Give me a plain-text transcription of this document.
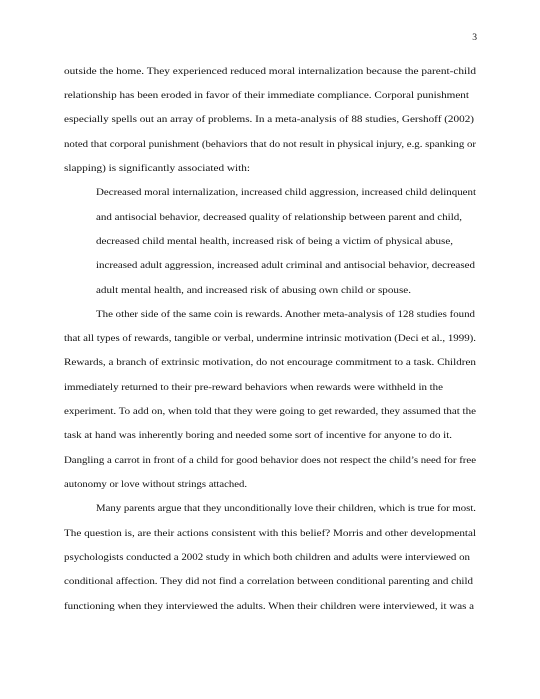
3
outside the home. They experienced reduced moral internalization because the parent-child
relationship has been eroded in favor of their immediate compliance. Corporal punishment
especially spells out an array of problems. In a meta-analysis of 88 studies, Gershoff (2002)
noted that corporal punishment (behaviors that do not result in physical injury, e.g. spanking or
slapping) is significantly associated with:
Decreased moral internalization, increased child aggression, increased child delinquent
and antisocial behavior, decreased quality of relationship between parent and child,
decreased child mental health, increased risk of being a victim of physical abuse,
increased adult aggression, increased adult criminal and antisocial behavior, decreased
adult mental health, and increased risk of abusing own child or spouse.
The other side of the same coin is rewards. Another meta-analysis of 128 studies found
that all types of rewards, tangible or verbal, undermine intrinsic motivation (Deci et al., 1999).
Rewards, a branch of extrinsic motivation, do not encourage commitment to a task. Children
immediately returned to their pre-reward behaviors when rewards were withheld in the
experiment. To add on, when told that they were going to get rewarded, they assumed that the
task at hand was inherently boring and needed some sort of incentive for anyone to do it.
Dangling a carrot in front of a child for good behavior does not respect the child’s need for free
autonomy or love without strings attached.
Many parents argue that they unconditionally love their children, which is true for most.
The question is, are their actions consistent with this belief? Morris and other developmental
psychologists conducted a 2002 study in which both children and adults were interviewed on
conditional affection. They did not find a correlation between conditional parenting and child
functioning when they interviewed the adults. When their children were interviewed, it was a
